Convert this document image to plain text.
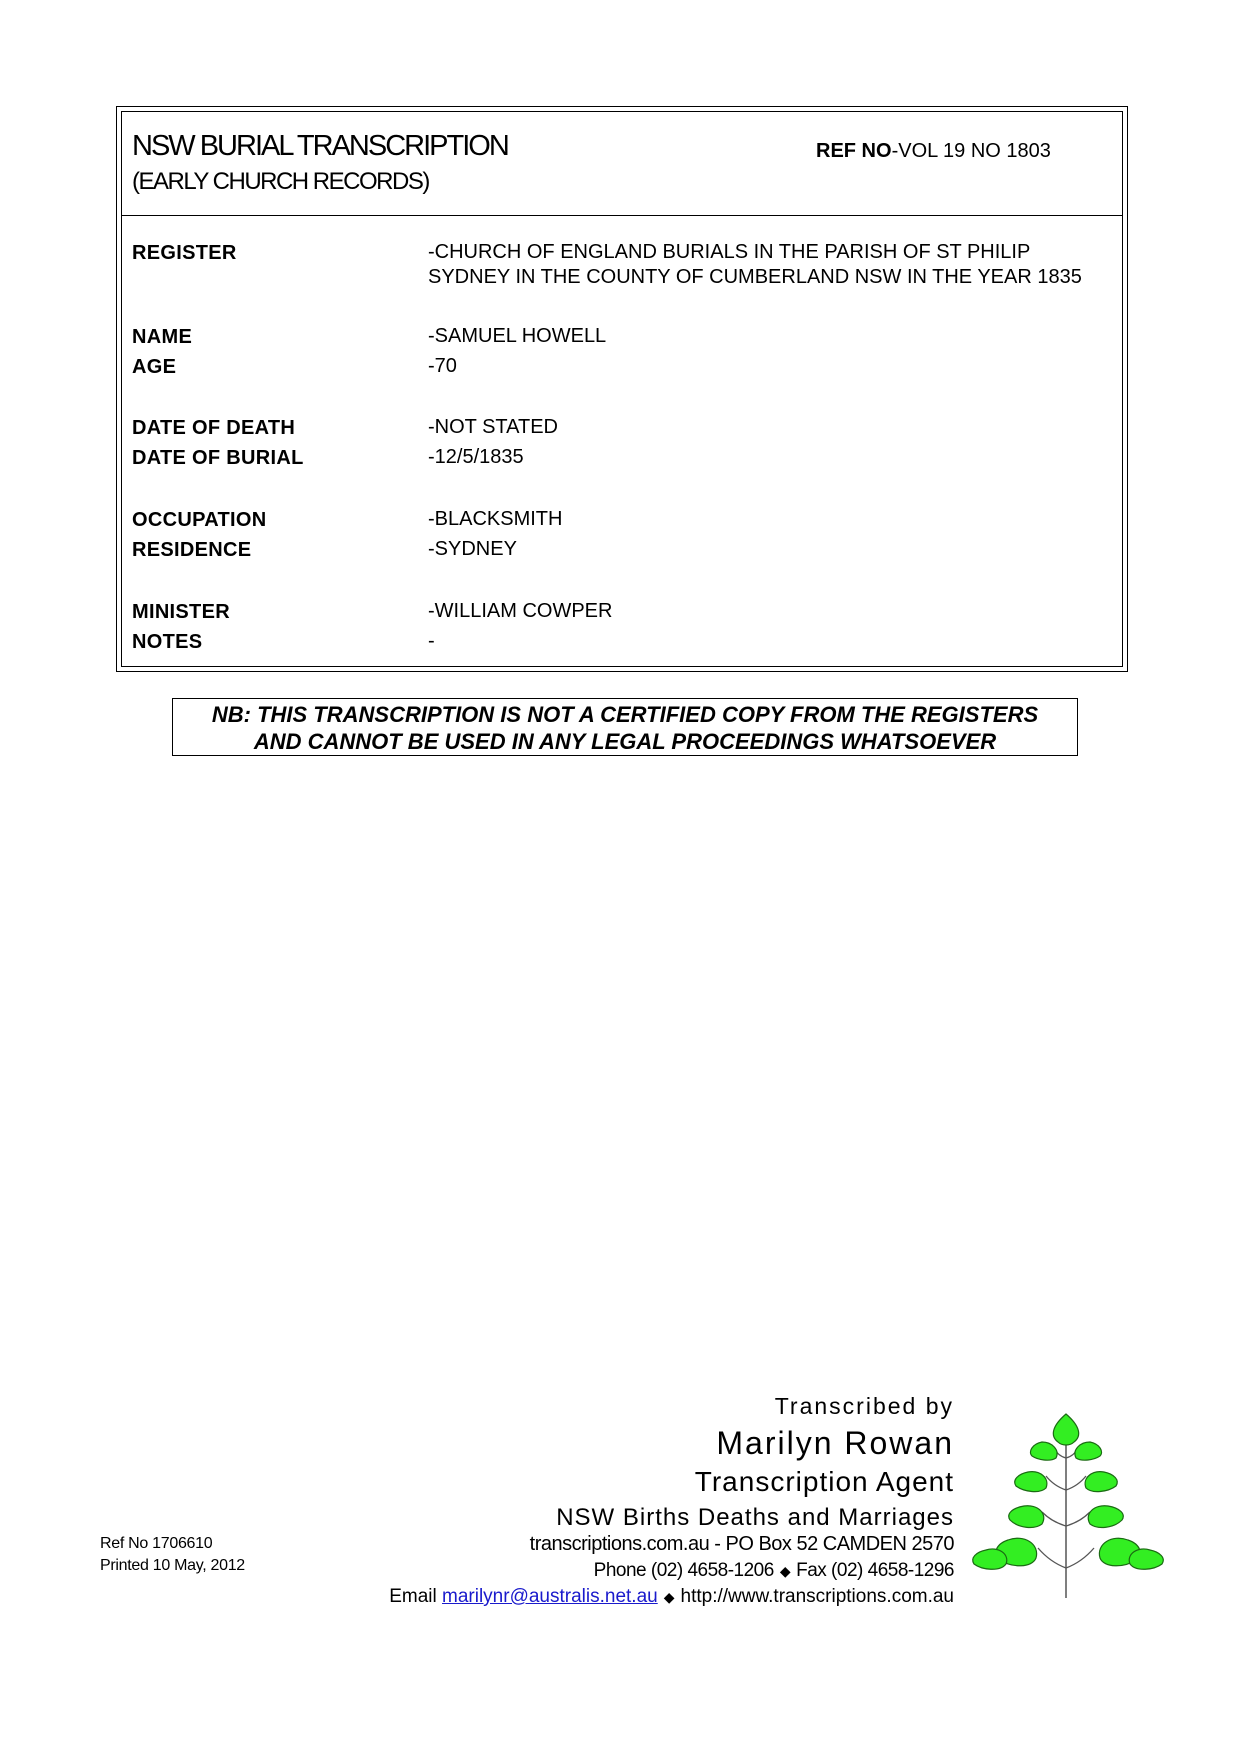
NSW BURIAL TRANSCRIPTION
(EARLY CHURCH RECORDS)
REF NO-VOL 19 NO 1803
REGISTER	-CHURCH OF ENGLAND BURIALS IN THE PARISH OF ST PHILIP
SYDNEY IN THE COUNTY OF CUMBERLAND NSW IN THE YEAR 1835
NAME	-SAMUEL HOWELL
AGE	-70
DATE OF DEATH	-NOT STATED
DATE OF BURIAL	-12/5/1835
OCCUPATION	-BLACKSMITH
RESIDENCE	-SYDNEY
MINISTER	-WILLIAM COWPER
NOTES	-
NB: THIS TRANSCRIPTION IS NOT A CERTIFIED COPY FROM THE REGISTERS
AND CANNOT BE USED IN ANY LEGAL PROCEEDINGS WHATSOEVER
Transcribed by
Marilyn Rowan
Transcription Agent
NSW Births Deaths and Marriages
transcriptions.com.au - PO Box 52 CAMDEN 2570
Phone (02) 4658-1206 ◆ Fax (02) 4658-1296
Email marilynr@australis.net.au ◆ http://www.transcriptions.com.au
Ref No 1706610
Printed 10 May, 2012
